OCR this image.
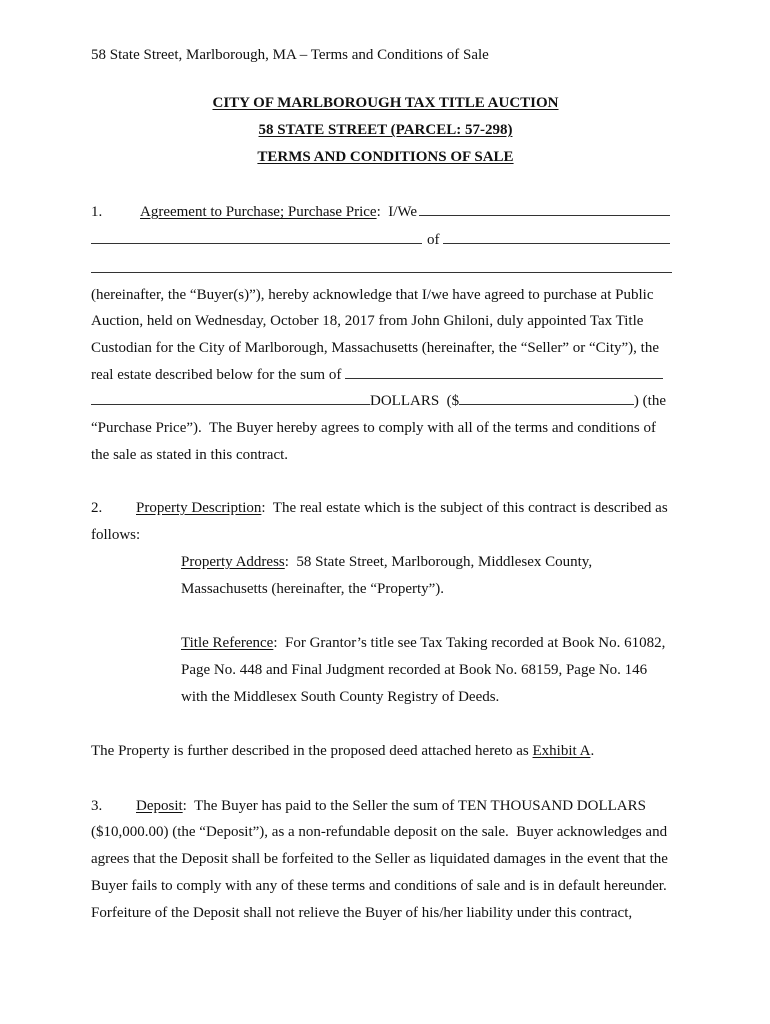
58 State Street, Marlborough, MA – Terms and Conditions of Sale
CITY OF MARLBOROUGH TAX TITLE AUCTION
58 STATE STREET (PARCEL: 57-298)
TERMS AND CONDITIONS OF SALE
1.	Agreement to Purchase; Purchase Price :  I/We
of
(hereinafter, the “Buyer(s)”), hereby acknowledge that I/we have agreed to purchase at Public
Auction, held on Wednesday, October 18, 2017 from John Ghiloni, duly appointed Tax Title
Custodian for the City of Marlborough, Massachusetts (hereinafter, the “Seller” or “City”), the
real estate described below for the sum of
DOLLARS  ($	) (the
“Purchase Price”).  The Buyer hereby agrees to comply with all of the terms and conditions of
the sale as stated in this contract.
2.	Property Description :  The real estate which is the subject of this contract is described as
follows:
Property Address :  58 State Street, Marlborough, Middlesex County,
Massachusetts (hereinafter, the “Property”).
Title Reference :  For Grantor’s title see Tax Taking recorded at Book No. 61082,
Page No. 448 and Final Judgment recorded at Book No. 68159, Page No. 146
with the Middlesex South County Registry of Deeds.
The Property is further described in the proposed deed attached hereto as Exhibit A .
3.	Deposit :  The Buyer has paid to the Seller the sum of TEN THOUSAND DOLLARS
($10,000.00) (the “Deposit”), as a non-refundable deposit on the sale.  Buyer acknowledges and
agrees that the Deposit shall be forfeited to the Seller as liquidated damages in the event that the
Buyer fails to comply with any of these terms and conditions of sale and is in default hereunder.
Forfeiture of the Deposit shall not relieve the Buyer of his/her liability under this contract,
